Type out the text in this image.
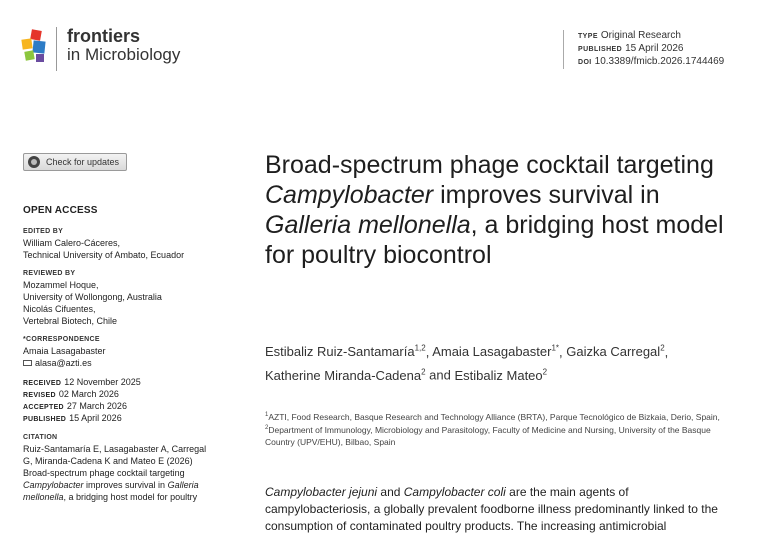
frontiers
in Microbiology
TYPE Original Research
PUBLISHED 15 April 2026
DOI 10.3389/fmicb.2026.1744469
Check for updates
OPEN ACCESS
EDITED BY
William Calero-Cáceres,
Technical University of Ambato, Ecuador
REVIEWED BY
Mozammel Hoque,
University of Wollongong, Australia
Nicolás Cifuentes,
Vertebral Biotech, Chile
*CORRESPONDENCE
Amaia Lasagabaster
alasa@azti.es
RECEIVED 12 November 2025
REVISED 02 March 2026
ACCEPTED 27 March 2026
PUBLISHED 15 April 2026
CITATION
Ruiz-Santamaría E, Lasagabaster A, Carregal G, Miranda-Cadena K and Mateo E (2026) Broad-spectrum phage cocktail targeting Campylobacter improves survival in Galleria mellonella, a bridging host model for poultry
Broad-spectrum phage cocktail targeting Campylobacter improves survival in Galleria mellonella, a bridging host model for poultry biocontrol
Estibaliz Ruiz-Santamaría$^{1,2}$, Amaia Lasagabaster$^{1*}$, Gaizka Carregal$^2$, Katherine Miranda-Cadena$^2$ and Estibaliz Mateo$^2$
$^1$AZTI, Food Research, Basque Research and Technology Alliance (BRTA), Parque Tecnológico de Bizkaia, Derio, Spain, $^2$Department of Immunology, Microbiology and Parasitology, Faculty of Medicine and Nursing, University of the Basque Country (UPV/EHU), Bilbao, Spain
Campylobacter jejuni and Campylobacter coli are the main agents of campylobacteriosis, a globally prevalent foodborne illness predominantly linked to the consumption of contaminated poultry products. The increasing antimicrobial
